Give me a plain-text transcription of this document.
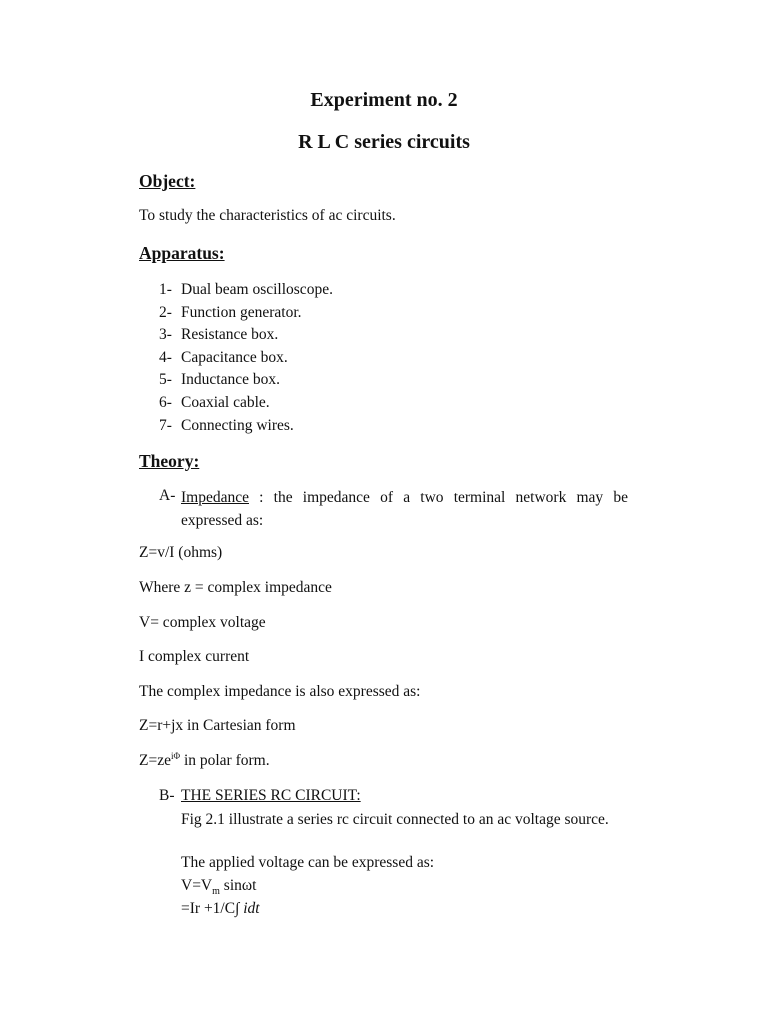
Experiment no. 2
R L C series circuits
Object:
To study the characteristics of ac circuits.
Apparatus:
1- Dual beam oscilloscope.
2- Function generator.
3- Resistance box.
4- Capacitance box.
5- Inductance box.
6- Coaxial cable.
7- Connecting wires.
Theory:
A- Impedance : the impedance of a two terminal network may be expressed as:
Z=v/I (ohms)
Where z = complex impedance
V= complex voltage
I complex current
The complex impedance is also expressed as:
Z=r+jx in Cartesian form
$Z=ze^{i\Phi}$ in polar form.
B- THE SERIES RC CIRCUIT:
Fig 2.1 illustrate a series rc circuit connected to an ac voltage source.
The applied voltage can be expressed as:
$V=V_m$ sinωt
=Ir +1/C∫ idt
